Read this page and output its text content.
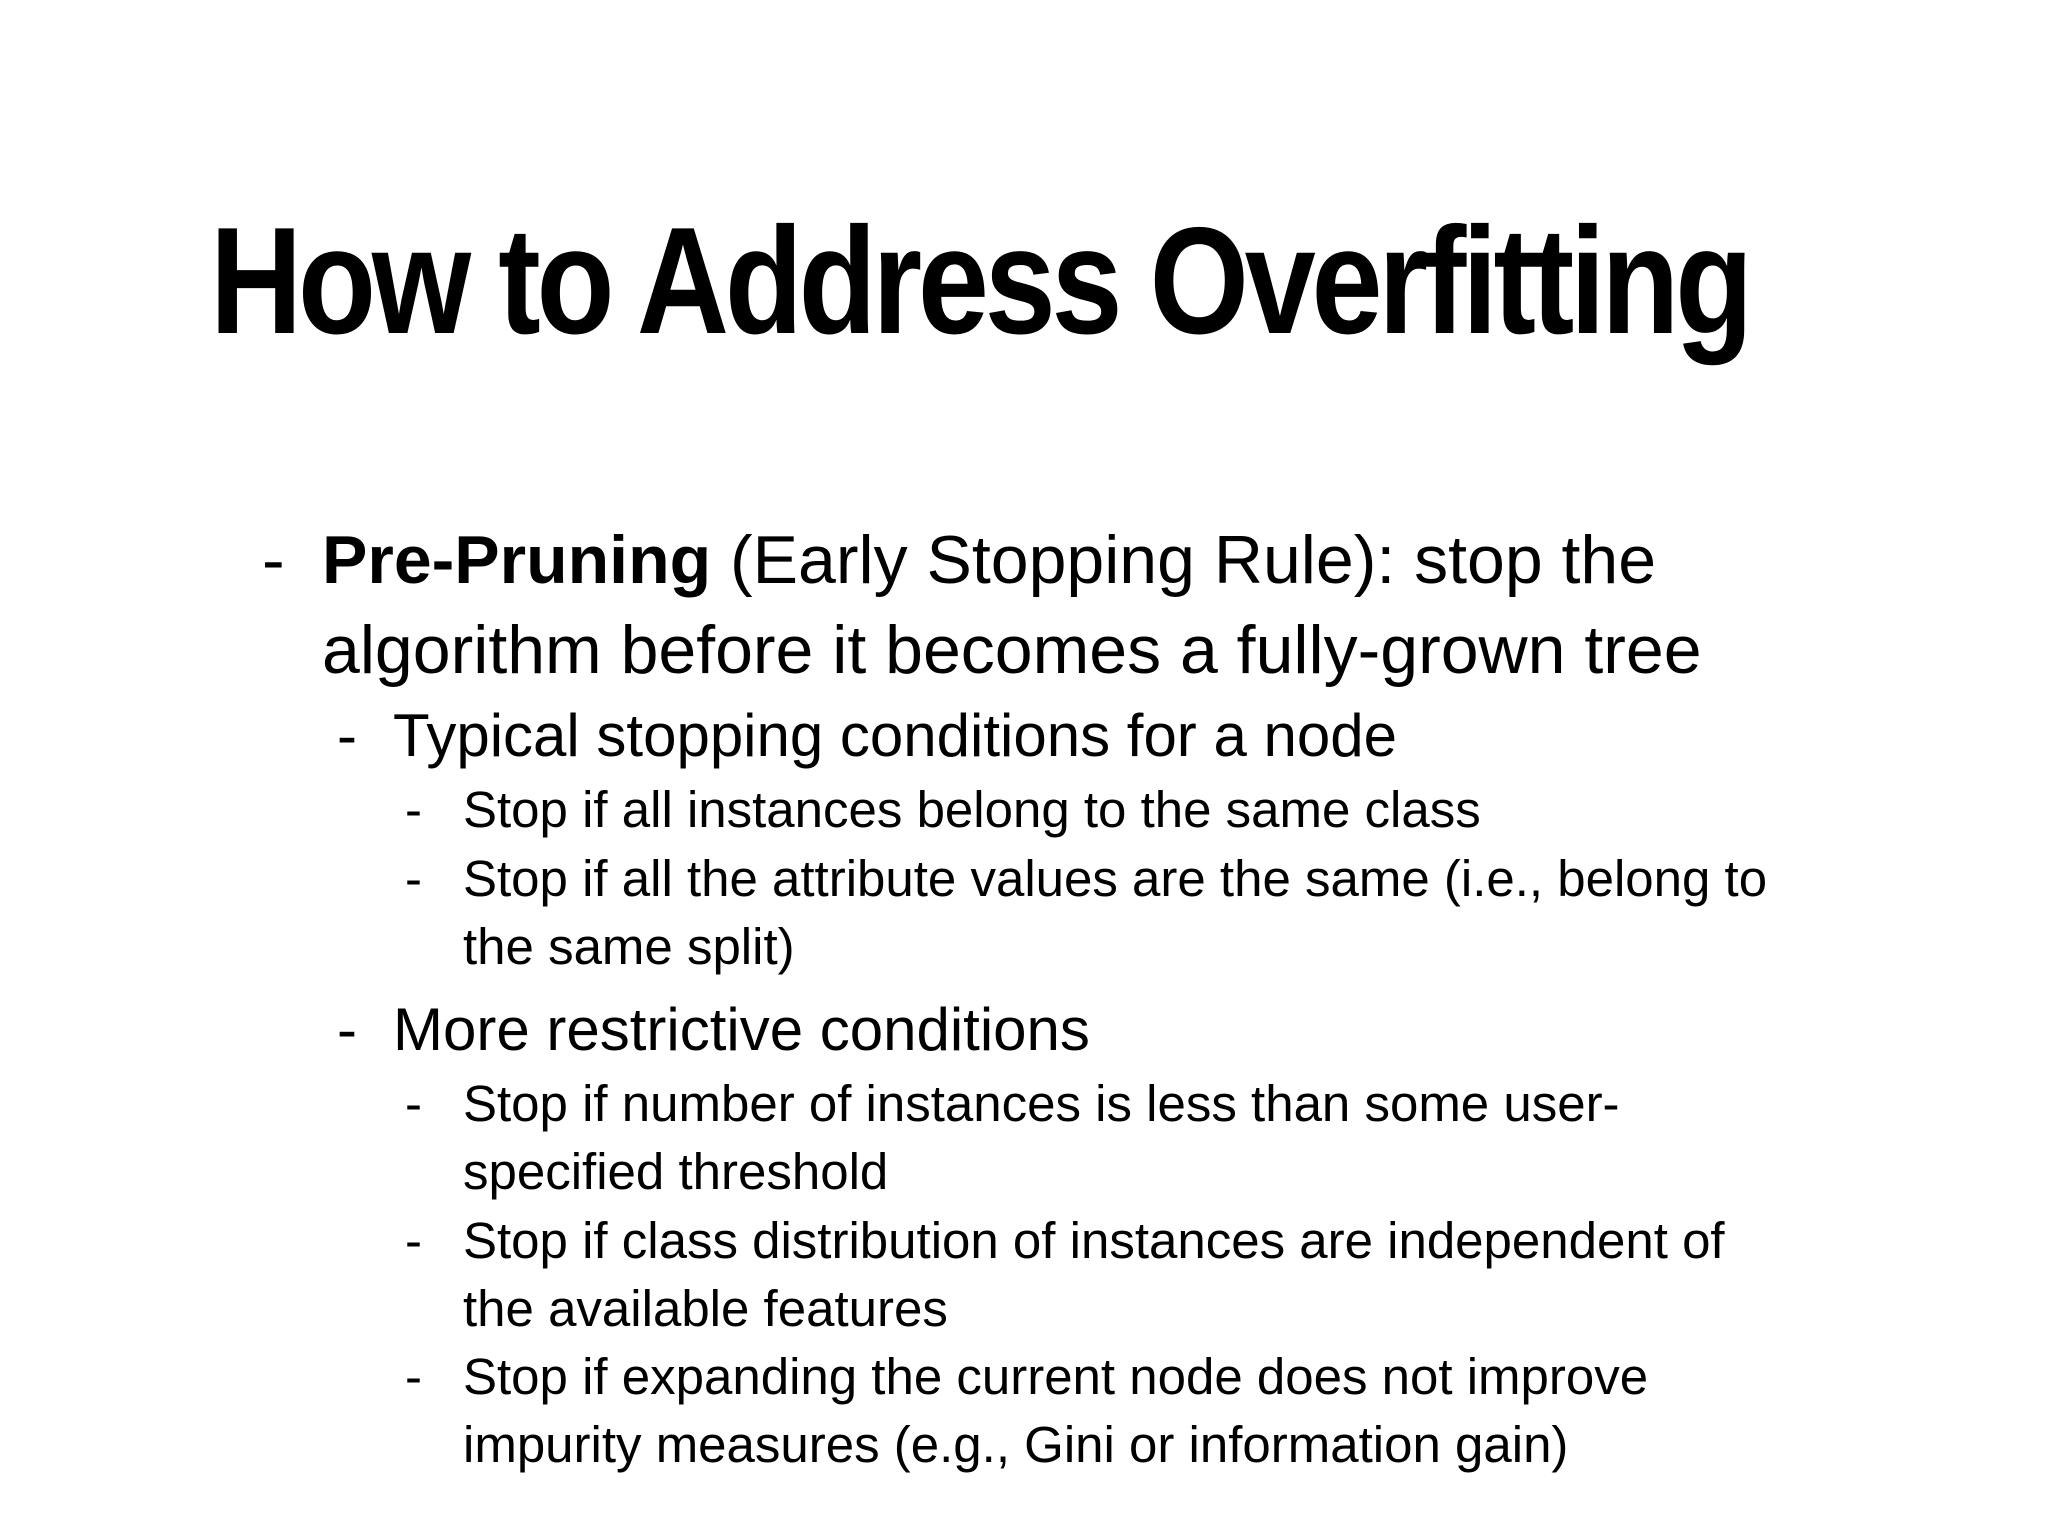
How to Address Overfitting
- Pre-Pruning (Early Stopping Rule): stop the
algorithm before it becomes a fully-grown tree
- Typical stopping conditions for a node
- Stop if all instances belong to the same class
- Stop if all the attribute values are the same (i.e., belong to
the same split)
- More restrictive conditions
- Stop if number of instances is less than some user-
specified threshold
- Stop if class distribution of instances are independent of
the available features
- Stop if expanding the current node does not improve
impurity measures (e.g., Gini or information gain)
